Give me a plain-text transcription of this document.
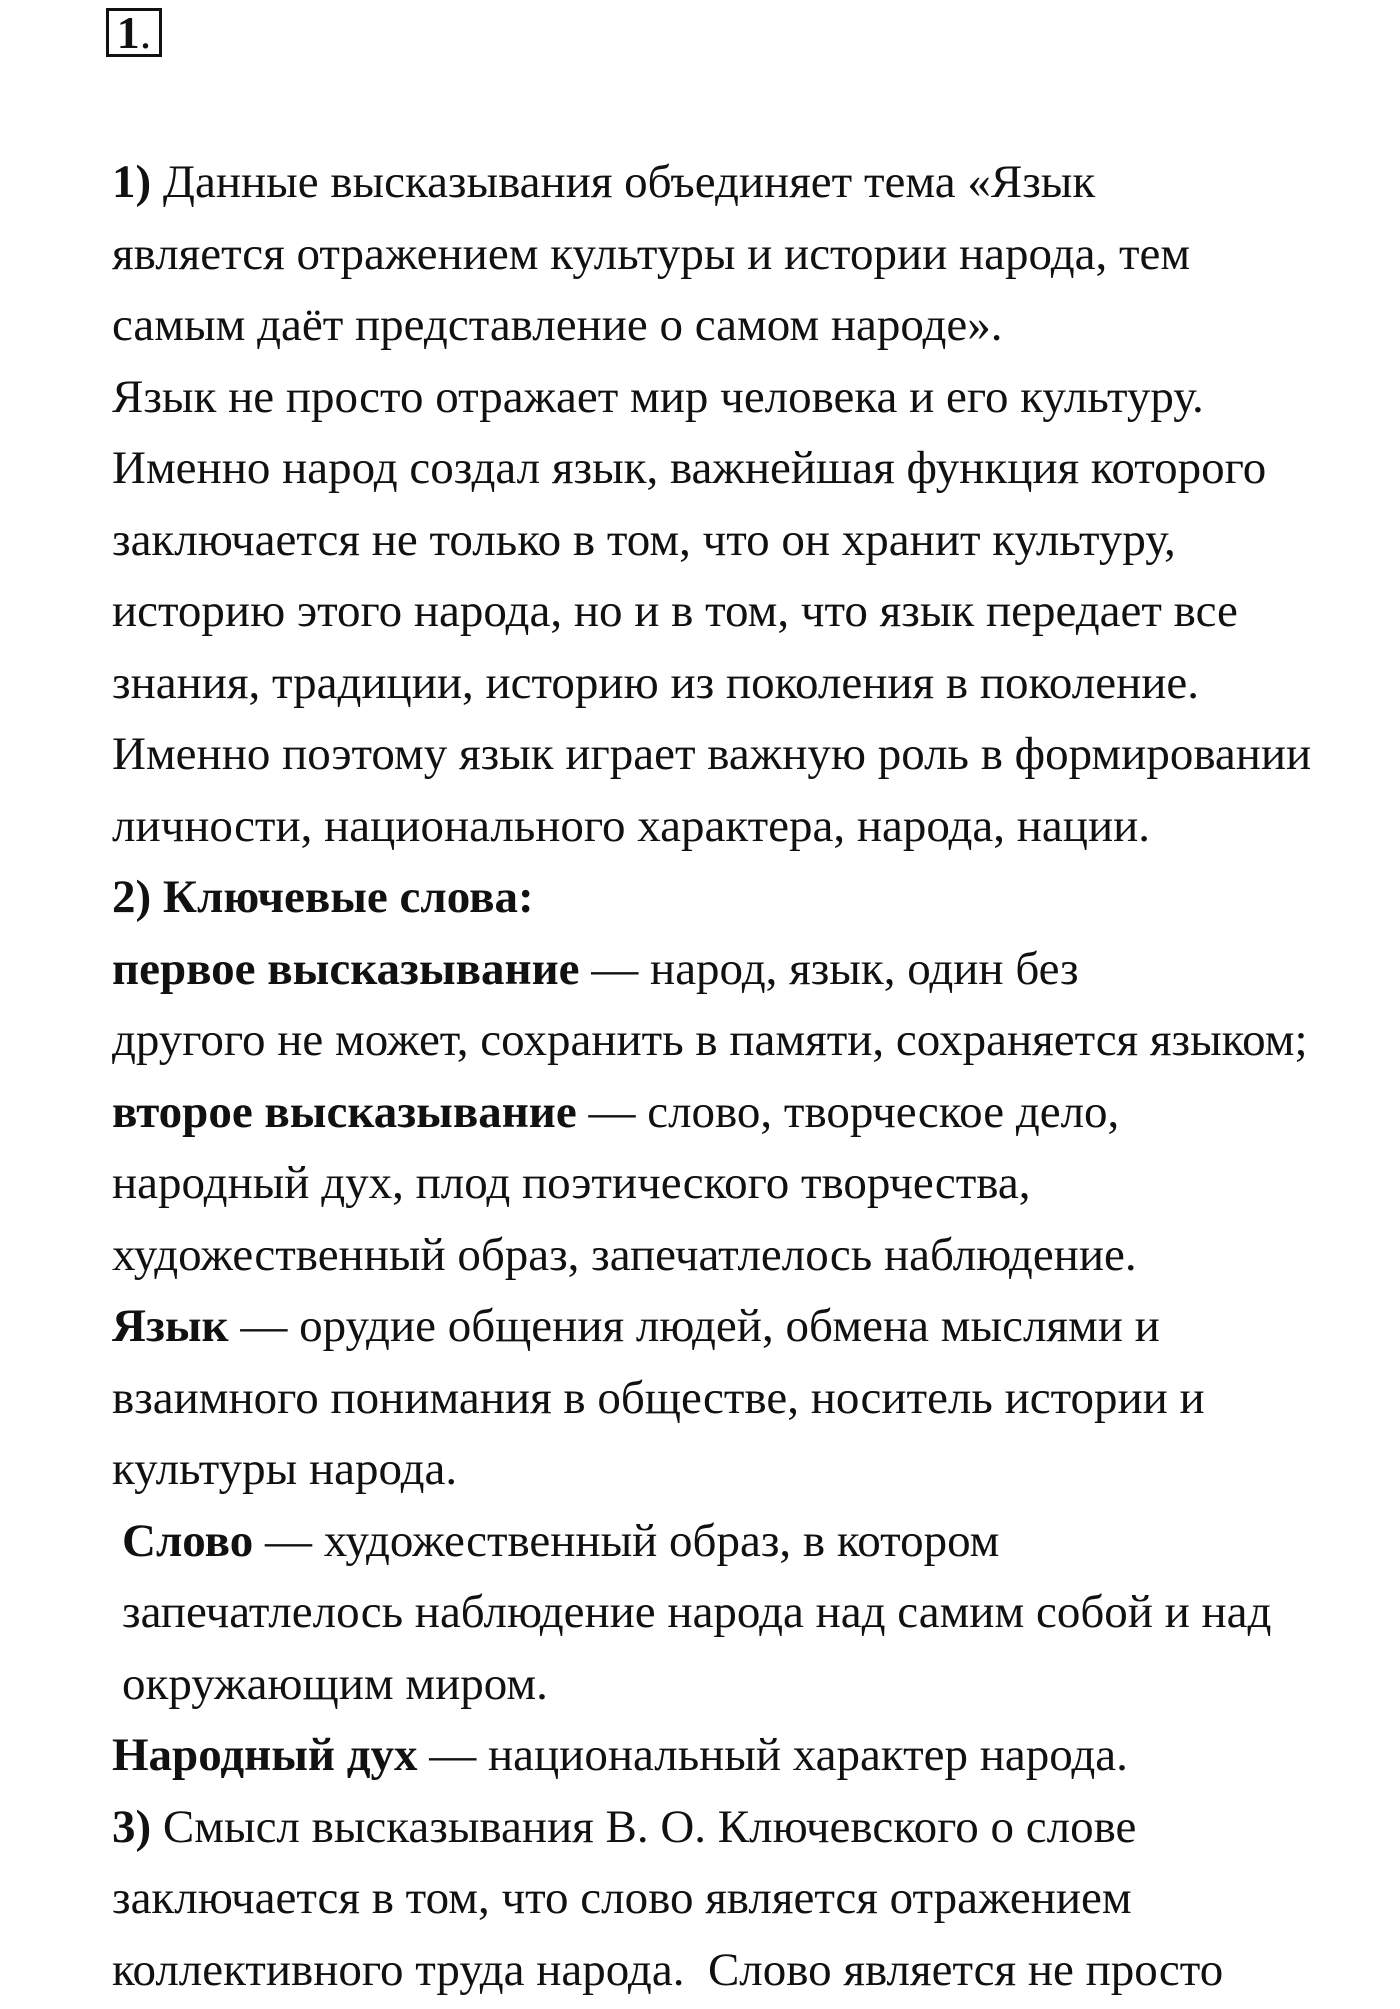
1.

1) Данные высказывания объединяет тема «Язык
является отражением культуры и истории народа, тем
самым даёт представление о самом народе».

Язык не просто отражает мир человека и его культуру.
Именно народ создал язык, важнейшая функция которого
заключается не только в том, что он хранит культуру,
историю этого народа, но и в том, что язык передает все
знания, традиции, историю из поколения в поколение.
Именно поэтому язык играет важную роль в формировании
личности, национального характера, народа, нации.

2) Ключевые слова:

первое высказывание — народ, язык, один без
другого не может, сохранить в памяти, сохраняется языком;

второе высказывание — слово, творческое дело,
народный дух, плод поэтического творчества,
художественный образ, запечатлелось наблюдение.

Язык — орудие общения людей, обмена мыслями и
взаимного понимания в обществе, носитель истории и
культуры народа.

Слово — художественный образ, в котором
запечатлелось наблюдение народа над самим собой и над
окружающим миром.

Народный дух — национальный характер народа.

3) Смысл высказывания В. О. Ключевского о слове
заключается в том, что слово является отражением
коллективного труда народа.  Слово является не просто
